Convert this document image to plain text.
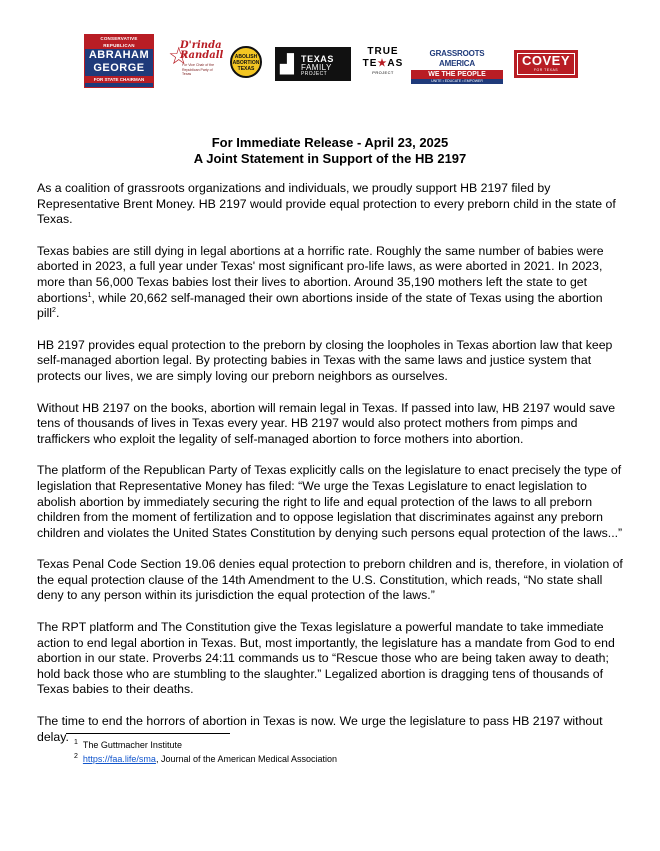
CONSERVATIVE REPUBLICAN
ABRAHAM
GEORGE
FOR STATE CHAIRMAN
☆
D'rinda
Randall
For Vice Chair of the Republican Party of Texas
ABOLISH ABORTION TEXAS	▟ TEXAS
FAMILY
PROJECT
TRUE
TE★AS
PROJECT
GRASSROOTS AMERICA
WE THE PEOPLE
UNITE • EDUCATE • EMPOWER
COVEY
FOR TEXAS
For Immediate Release - April 23, 2025
A Joint Statement in Support of the HB 2197

As a coalition of grassroots organizations and individuals, we proudly support HB 2197 filed by Representative Brent Money. HB 2197 would provide equal protection to every preborn child in the state of Texas.

Texas babies are still dying in legal abortions at a horrific rate. Roughly the same number of babies were aborted in 2023, a full year under Texas' most significant pro-life laws, as were aborted in 2021. In 2023, more than 56,000 Texas babies lost their lives to abortion. Around 35,190 mothers left the state to get abortions$^1$, while 20,662 self-managed their own abortions inside of the state of Texas using the abortion pill$^2$.

HB 2197 provides equal protection to the preborn by closing the loopholes in Texas abortion law that keep self-managed abortion legal. By protecting babies in Texas with the same laws and justice system that protects our lives, we are simply loving our preborn neighbors as ourselves.

Without HB 2197 on the books, abortion will remain legal in Texas. If passed into law, HB 2197 would save tens of thousands of lives in Texas every year. HB 2197 would also protect mothers from pimps and traffickers who exploit the legality of self-managed abortion to force mothers into abortion.

The platform of the Republican Party of Texas explicitly calls on the legislature to enact precisely the type of legislation that Representative Money has filed: “We urge the Texas Legislature to enact legislation to abolish abortion by immediately securing the right to life and equal protection of the laws to all preborn children from the moment of fertilization and to oppose legislation that discriminates against any preborn children and violates the United States Constitution by denying such persons equal protection of the laws...”

Texas Penal Code Section 19.06 denies equal protection to preborn children and is, therefore, in violation of the equal protection clause of the 14th Amendment to the U.S. Constitution, which reads, “No state shall deny to any person within its jurisdiction the equal protection of the laws.”

The RPT platform and The Constitution give the Texas legislature a powerful mandate to take immediate action to end legal abortion in Texas. But, most importantly, the legislature has a mandate from God to end abortion in our state. Proverbs 24:11 commands us to “Rescue those who are being taken away to death; hold back those who are stumbling to the slaughter.” Legalized abortion is dragging tens of thousands of Texas babies to their deaths.

The time to end the horrors of abortion in Texas is now. We urge the legislature to pass HB 2197 without delay. $^1$ The Guttmacher Institute
$^2$ https://faa.life/sma, Journal of the American Medical Association
